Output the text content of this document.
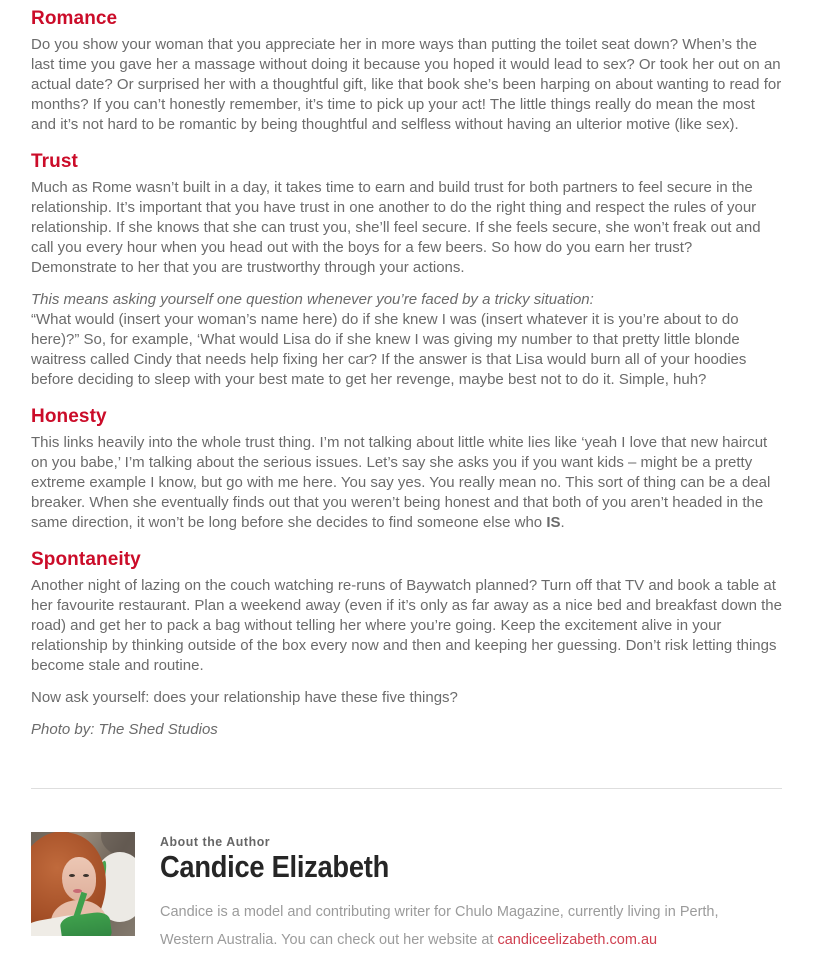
Romance

Do you show your woman that you appreciate her in more ways than putting the toilet seat down? When’s the last time you gave her a massage without doing it because you hoped it would lead to sex? Or took her out on an actual date? Or surprised her with a thoughtful gift, like that book she’s been harping on about wanting to read for months? If you can’t honestly remember, it’s time to pick up your act! The little things really do mean the most and it’s not hard to be romantic by being thoughtful and selfless without having an ulterior motive (like sex).

Trust

Much as Rome wasn’t built in a day, it takes time to earn and build trust for both partners to feel secure in the relationship. It’s important that you have trust in one another to do the right thing and respect the rules of your relationship. If she knows that she can trust you, she’ll feel secure. If she feels secure, she won’t freak out and call you every hour when you head out with the boys for a few beers. So how do you earn her trust? Demonstrate to her that you are trustworthy through your actions.

This means asking yourself one question whenever you’re faced by a tricky situation:
“What would (insert your woman’s name here) do if she knew I was (insert whatever it is you’re about to do here)?” So, for example, ‘What would Lisa do if she knew I was giving my number to that pretty little blonde waitress called Cindy that needs help fixing her car? If the answer is that Lisa would burn all of your hoodies before deciding to sleep with your best mate to get her revenge, maybe best not to do it. Simple, huh?

Honesty

This links heavily into the whole trust thing. I’m not talking about little white lies like ‘yeah I love that new haircut on you babe,’ I’m talking about the serious issues. Let’s say she asks you if you want kids – might be a pretty extreme example I know, but go with me here. You say yes. You really mean no. This sort of thing can be a deal breaker. When she eventually finds out that you weren’t being honest and that both of you aren’t headed in the same direction, it won’t be long before she decides to find someone else who IS.

Spontaneity

Another night of lazing on the couch watching re-runs of Baywatch planned? Turn off that TV and book a table at her favourite restaurant. Plan a weekend away (even if it’s only as far away as a nice bed and breakfast down the road) and get her to pack a bag without telling her where you’re going. Keep the excitement alive in your relationship by thinking outside of the box every now and then and keeping her guessing. Don’t risk letting things become stale and routine.

Now ask yourself: does your relationship have these five things?

Photo by: The Shed Studios

About the Author
Candice Elizabeth

Candice is a model and contributing writer for Chulo Magazine, currently living in Perth,
Western Australia. You can check out her website at candiceelizabeth.com.au
